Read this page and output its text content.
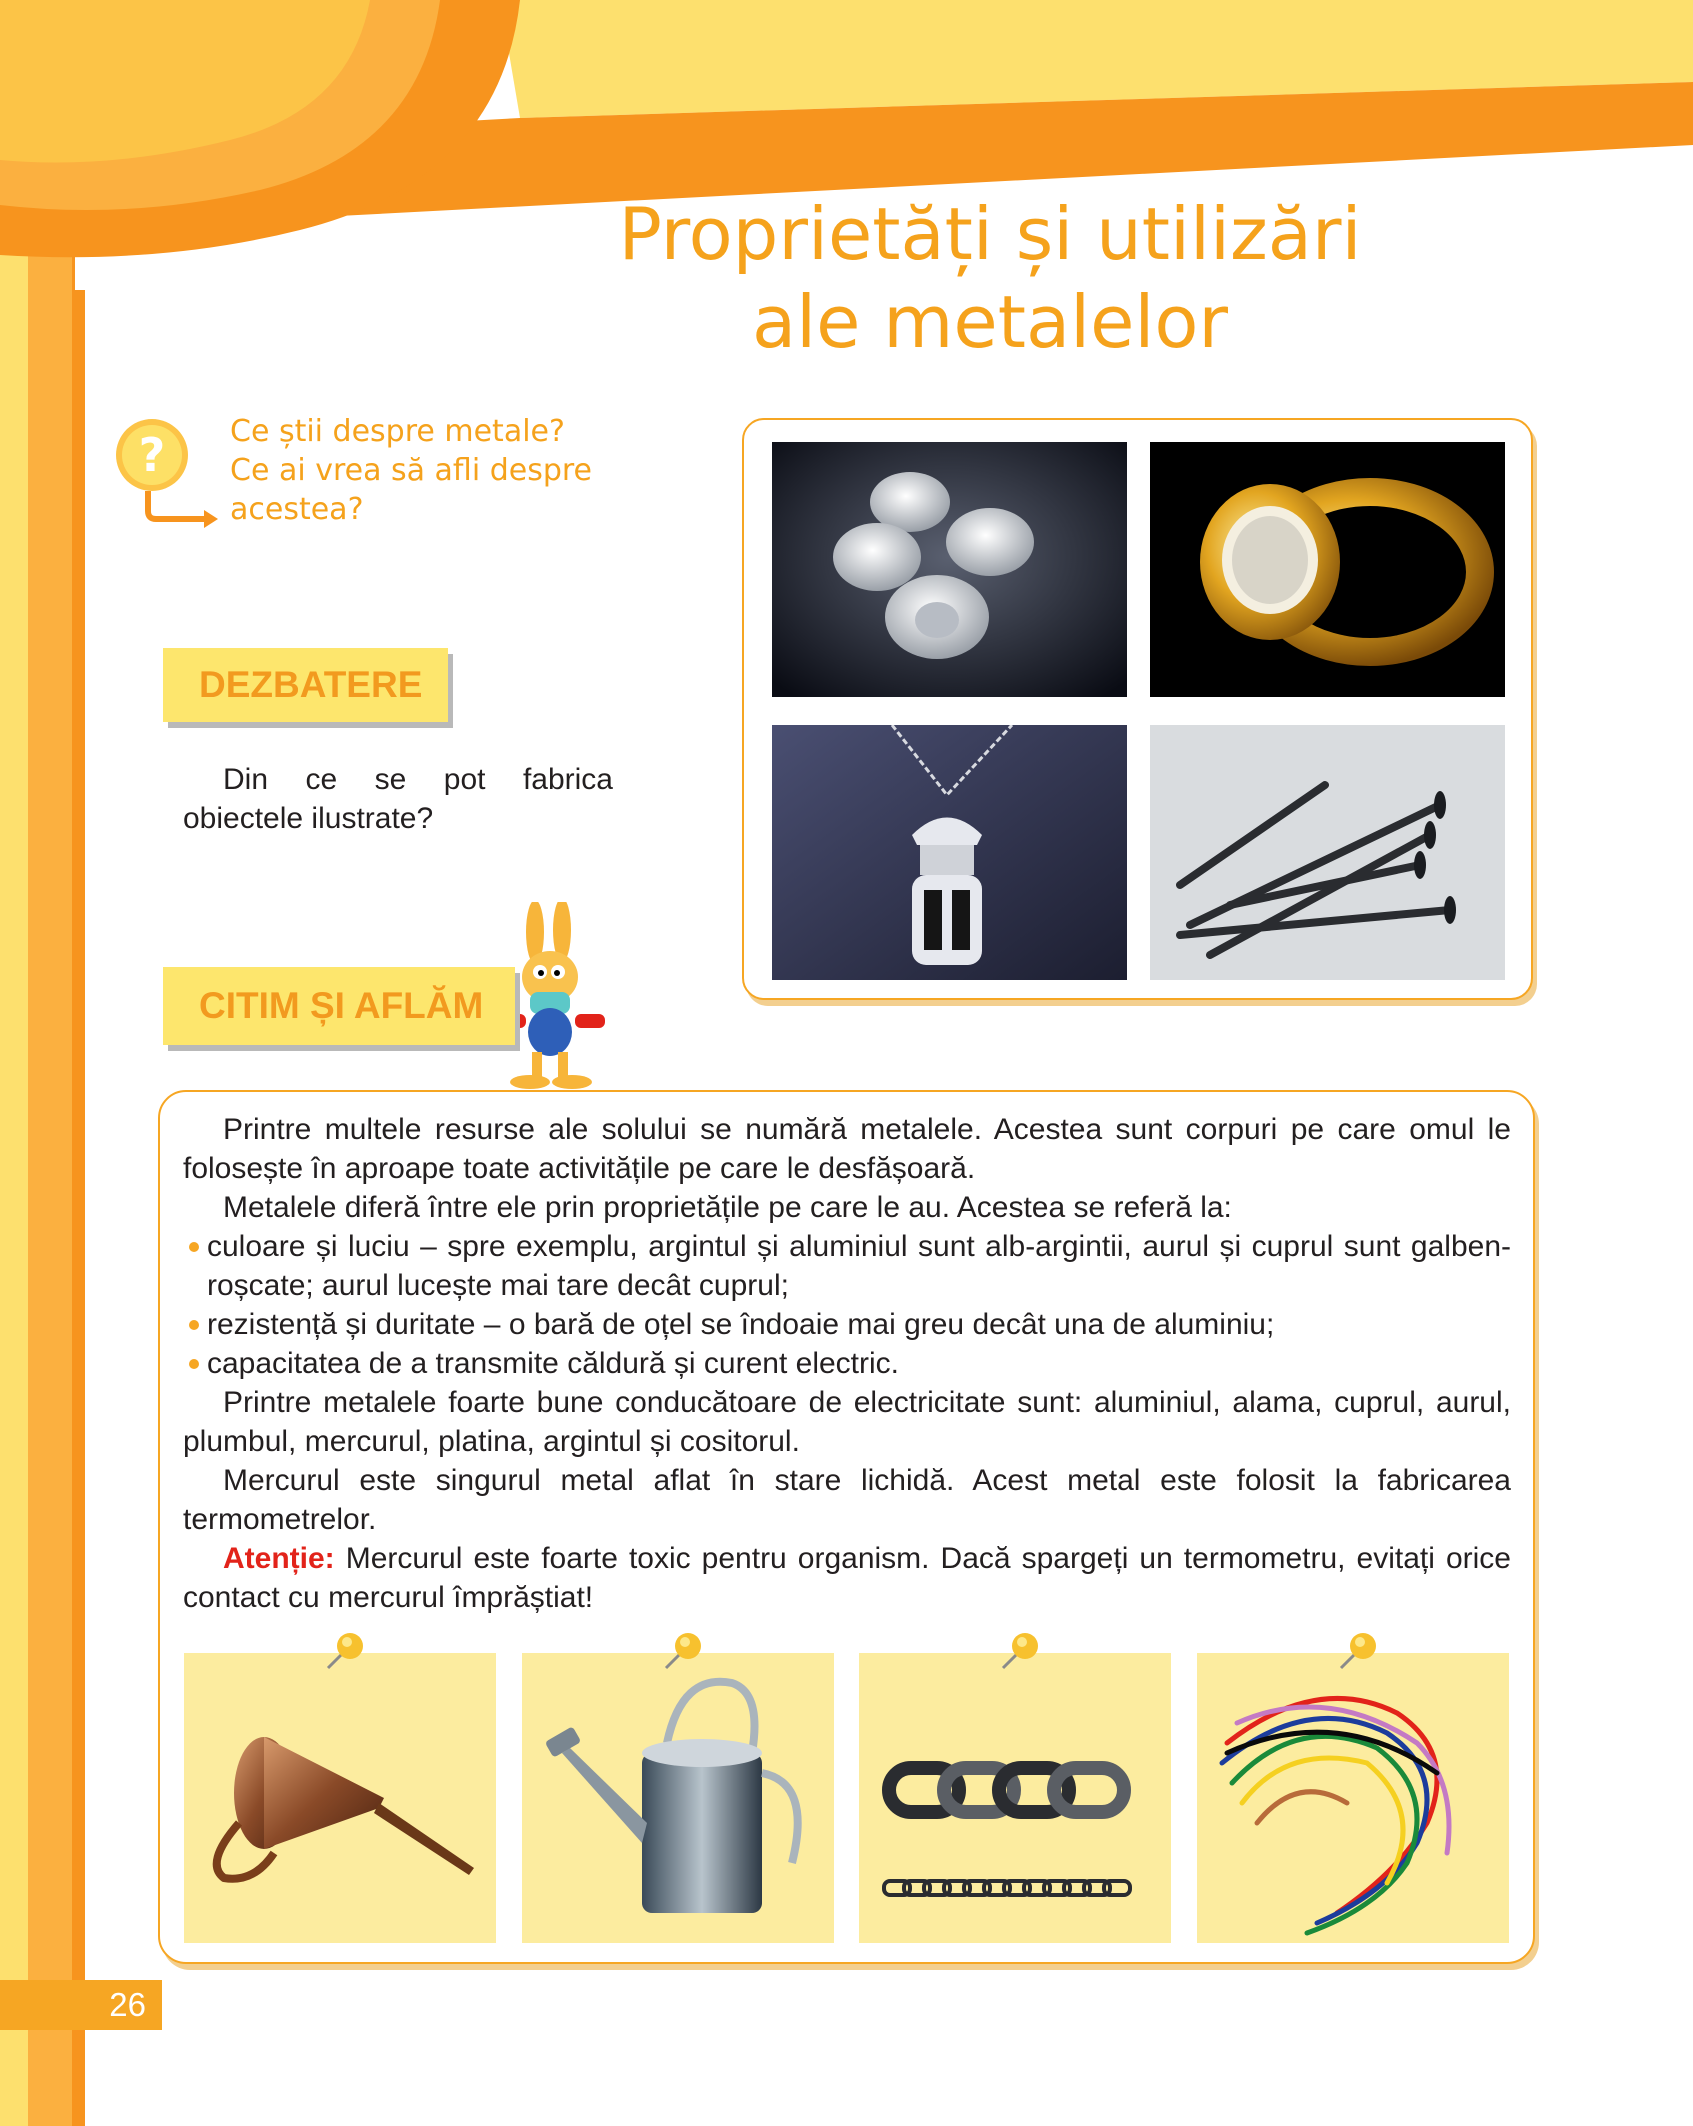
Proprietăți și utilizări
ale metalelor
? Ce știi despre metale?
Ce ai vrea să afli despre
acestea?
DEZBATERE
Din ce se pot fabrica obiectele ilustrate?
CITIM ȘI AFLĂM

Printre multele resurse ale solului se numără metalele. Acestea sunt corpuri pe care omul le folosește în aproape toate activitățile pe care le desfășoară.

Metalele diferă între ele prin proprietățile pe care le au. Acestea se referă la:

culoare și luciu – spre exemplu, argintul și aluminiul sunt alb-argintii, aurul și cuprul sunt galben-roșcate; aurul lucește mai tare decât cuprul;
rezistență și duritate – o bară de oțel se îndoaie mai greu decât una de aluminiu;
capacitatea de a transmite căldură și curent electric.

Printre metalele foarte bune conducătoare de electricitate sunt: aluminiul, alama, cuprul, aurul, plumbul, mercurul, platina, argintul și cositorul.

Mercurul este singurul metal aflat în stare lichidă. Acest metal este folosit la fabricarea termometrelor.

Atenție: Mercurul este foarte toxic pentru organism. Dacă spargeți un termometru, evitați orice contact cu mercurul împrăștiat!

26
